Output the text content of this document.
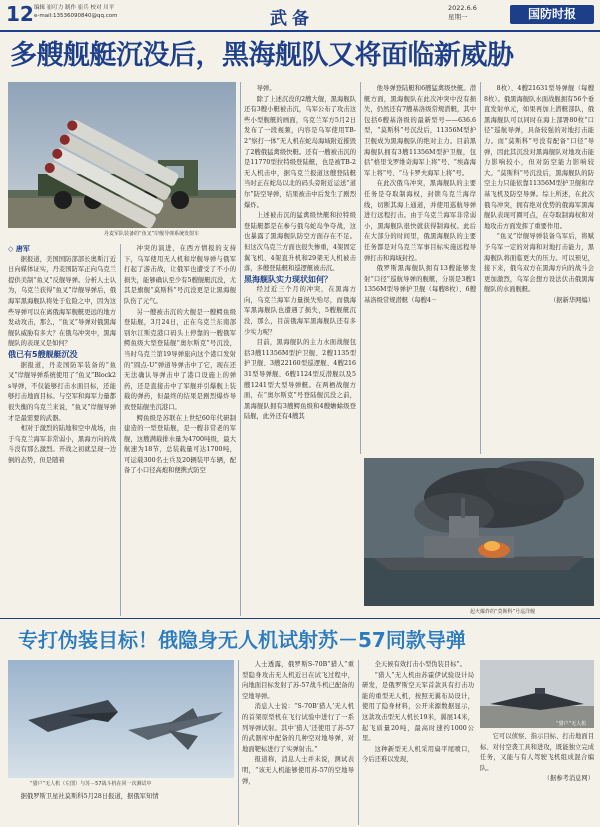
12 编辑 崔叮力 制作 崔兵 校对 川平
e-mail:13536090840@qq.com	武备
2022.6.6
星期一	国防时报
多艘舰艇沉没后，黑海舰队又将面临新威胁
丹麦军队装备的“鱼叉”岸舰导弹系统发射车

◇ 唐军

据报道，美国国防部部长奥斯汀近日向媒体证实，丹麦国防军正向乌克兰提供美制“鱼叉”反舰导弹。分析人士认为，乌克兰获得“鱼叉”岸舰导弹后，俄海军黑海舰队将处于危险之中，因为这些导弹可以在离俄海军舰艇更远的地方发动攻击，那么，“鱼叉”导弹对俄黑海舰队威胁有多大？在俄乌冲突中，黑海舰队的表现又是如何？

俄已有5艘舰艇沉没

据报道，丹麦国防军装备的“鱼叉”岸舰导弹系统使用了“鱼叉”Block2s导弹，不仅能够打击水面目标，还能够打击地面目标。与空军和海军力量都很失衡的乌克兰来说，“鱼叉”岸舰导弹才是最需要的武器。

相对于激烈的陆地和空中战场，由于乌克兰海军非常弱小，黑海方向的战斗没有那么激烈。开战之初就呈现一边倒的态势，但是随着

冲突的演进，在西方情报的支持下，乌军使用无人机和岸舰导弹与俄军打起了游击战，让俄军也遭受了不小的损失，能够确认至少有5艘舰艇沉没，尤其是旗舰“莫斯科”号沉没更是让黑海舰队伤了元气。

另一艘被击沉的大舰是一艘鳄鱼级登陆舰，3月24日，正在乌克兰东南部别尔江斯克港口码头上停靠的一艘俄军鳄鱼级大型登陆舰“奥尔斯克”号沉没，当时乌克兰第19导弹旅向这个港口发射的“圆点-U”弹道导弹击中了它，现在还无法确认导弹击中了港口设施上的弹药，还是直接击中了军舰并引爆舰上装载的弹药，但最终的结果是剧烈爆炸导致登陆舰坐沉港口。

鳄鱼级是苏联在上世纪60年代研制建造的一型登陆舰，是一艘非常老的军舰，这艘满载排水量为4700吨级，最大航速为18节，总装载量可达1700吨，可运载300名士兵及20辆装甲车辆，配备了小口径高炮和便携式防空

导弹。

除了上述沉没的2艘大舰，黑海舰队还有3艘小艇被击沉，乌军公布了攻击这些小型舰艇的画面，乌克兰军方5月2日发布了一段视频，内容是乌军使用TB-2“察打一体”无人机在蛇岛海域附近摧毁了2艘俄猛禽级快艇。还有一艘被击沉的是11770型拉特级登陆艇，也是被TB-2无人机击中，据乌克兰报道这艘登陆艇当时正在蛇岛以北的码头旁附近运送“道尔”防空导弹，结果被击中后发生了剧烈爆炸。

上述被击沉的猛禽级快艇和拉特级登陆艇都是在参与俄乌蛇岛争夺战，这也暴露了黑海舰队防空方面存在不足。但这次乌克兰方面也很失惨重，4架固定翼飞机、4架直升机和29架无人机被击落，多艘登陆艇和巡逻艇被击沉。

黑海舰队实力现状如何？

经过近三个月的冲突，在黑海方向，乌克兰海军力量损失殆尽，而俄海军黑海舰队也遭遇了损失，5艘舰艇沉没，那么，目前俄海军黑海舰队还有多少实力呢？

目前，黑海舰队的主力水面战舰包括3艘11356M型护卫舰、2艘1135型护卫舰、3艘22160型巡逻舰、4艘21631型导弹舰、6艘1124型反潜舰以及5艘1241型大型导弹艇。在两栖战舰方面，在“奥尔斯克”号登陆舰沉没之前，黑海舰队拥有3艘鳄鱼级和4艘蟾蜍级登陆舰，此外还有4艘其

他导弹登陆艇和6艘猛禽级快艇。潜艇方面，黑海舰队在此次冲突中没有损失，仍然还有7艘基洛级常规潜艇，其中包括6艘基洛级的最新型号——636.6型，“莫斯科”号沉没后，11356M型护卫舰成为黑海舰队的绝对主力。目前黑海舰队拥有3艘11356M型护卫舰，包括“格里戈罗维奇海军上将”号、“埃森海军上将”号、“马卡罗夫海军上将”号。

在此次俄乌冲突，黑海舰队的主要任务是夺取制海权，封锁乌克兰海岸线，切断其海上通道，并使用巡航导弹进行远程打击。由于乌克兰海军非常弱小，黑海舰队很快就获得制海权。此后在大部分的时间里，俄黑海舰队的主要任务都是对乌克兰军事目标实施远程导弹打击和海域封控。

俄罗斯黑海舰队拥有13艘能够发射“口径”巡航导弹的舰艇，分别是3艘11356M型导弹护卫舰（每艘8枚）、6艘基洛级常规潜艇（每艘4－

8枚）、4艘21631型导弹舰（每艘8枚）。俄黑海舰队水面战舰拥有56个垂直发射单元，如果再加上潜艇部队，俄黑海舰队可以同时在海上部署80枚“口径”巡航导弹，具备较强的对地打击能力。而“莫斯科”号没有配备“口径”导弹，因此其沉没对黑海舰队对地攻击能力影响较小，但对防空能力影响较大。“莫斯科”号沉没后，黑海舰队的防空主力只能依靠11356M型护卫舰和岸基飞机及防空导弹。综上所述，在此次俄乌冲突，拥有绝对优势的俄海军黑海舰队表现可圈可点，在夺取制海权和对地攻击方面发挥了重要作用。

“鱼叉”岸舰导弹装备乌军后，将赋予乌军一定的对海和对地打击能力，黑海舰队将面临更大的压力。可以预见，接下来，俄乌双方在黑海方向的战斗会更加激烈，乌军会想方设法伏击俄黑海舰队的水面舰艇。

（据新华网编）

起火爆炸的“莫斯科”号巡洋舰
专打伪装目标！俄隐身无人机试射苏－57同款导弹
“猎户”无人机（左图）与苏－57战斗机在同一次测试中

据俄罗斯卫星社莫斯科5月28日报道，据俄军知情

人士透露，俄罗斯S-70B“猎人”重型隐身攻击无人机近日在试飞过程中，向地面目标发射了苏-57战斗机已配备的空地导弹。

消息人士说：“S-70B‘猎人’无人机的首架原型机在飞行试验中进行了一系列导弹试射。其中‘猎人’还使用了苏-57的武器库中配备的几种空对地导弹，对地面靶标进行了实弹射击。”

报道称，消息人士并未说，测试表明，“该无人机能够使用苏-57的空地导弹，

全天候有效打击小型伪装目标”。

“猎人”无人机由苏霍伊试验设计局研发，是俄罗斯空天军首款具有打击功能的重型无人机，按照无翼布局设计，使用了隐身材料，公开来源数据显示，这款攻击型无人机长19米，翼展14米，起飞质量20吨，最高时速约1000公里。

这种新型无人机采用扁平尾喷口，今后还难以发现，

“猎户”无人机

它可以侦察、指示目标、打击地面目标、对付空袭工具和进攻，既能独立完成任务，又能与有人驾驶飞机组成混合编队。

（据参考消息网）
